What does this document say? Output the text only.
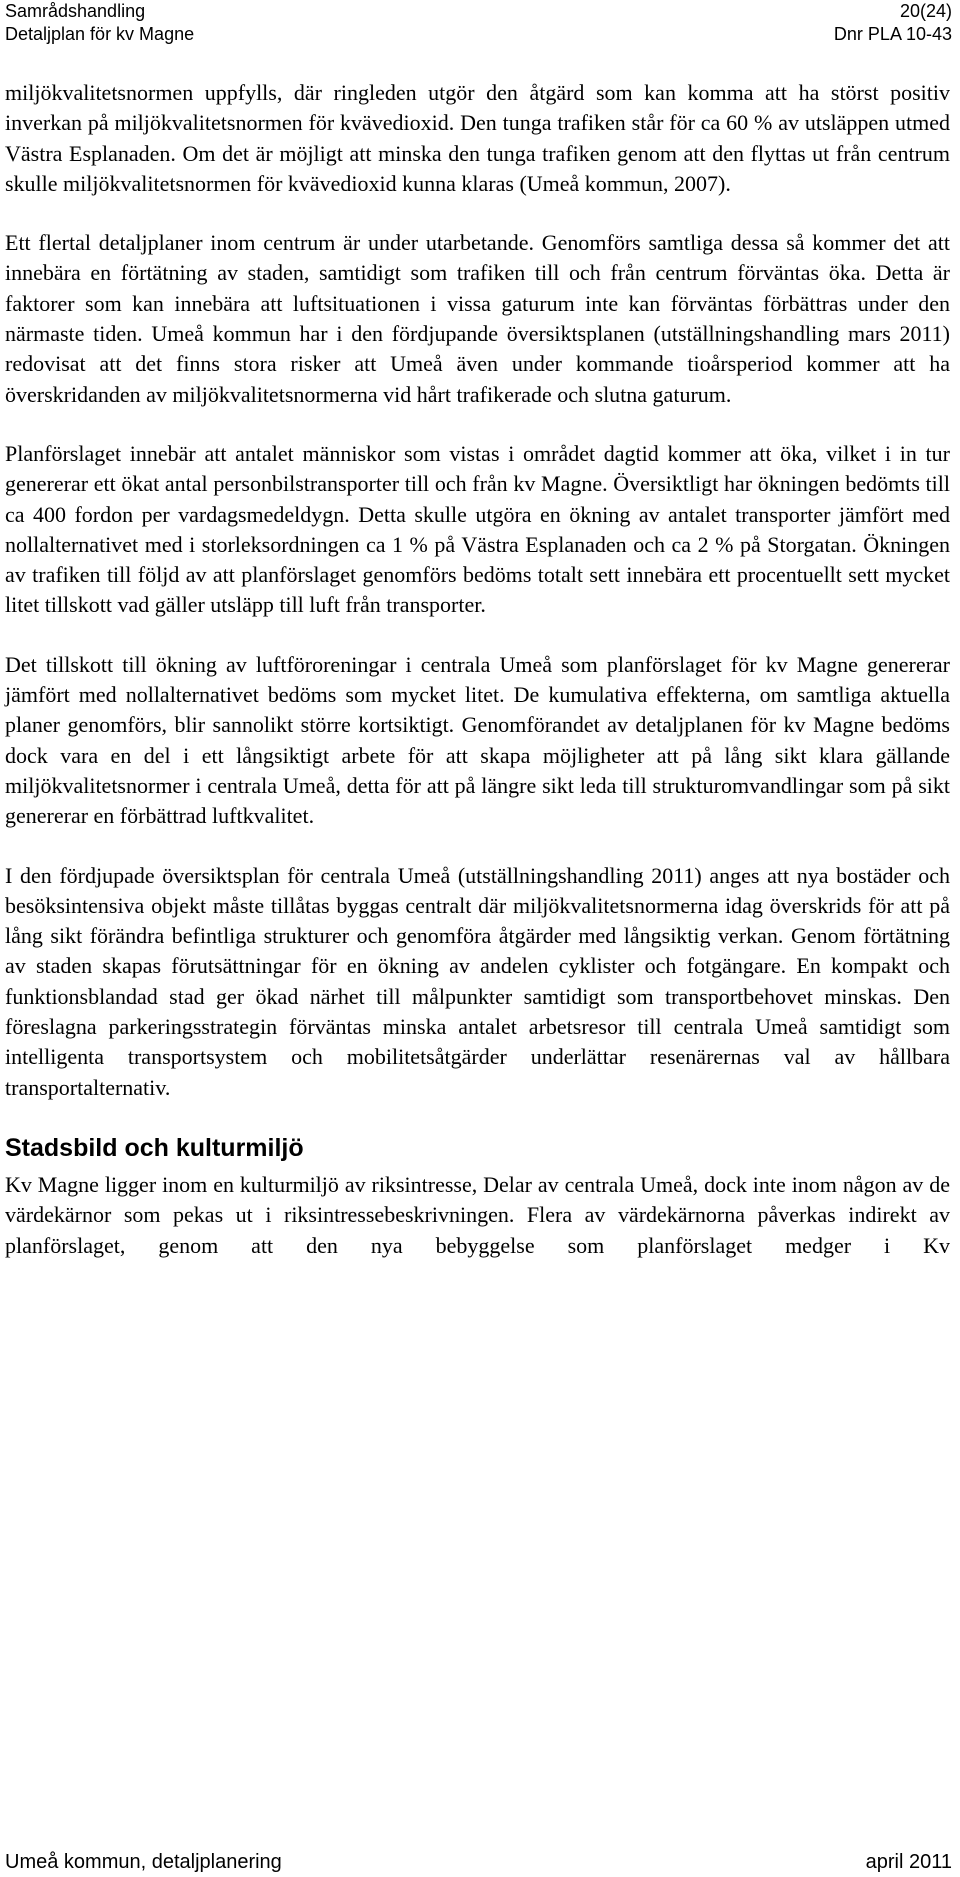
Samrådshandling	20(24)
Detaljplan för kv Magne	Dnr PLA 10-43

miljökvalitetsnormen uppfylls, där ringleden utgör den åtgärd som kan komma att ha störst positiv inverkan på miljökvalitetsnormen för kvävedioxid. Den tunga trafiken står för ca 60 % av utsläppen utmed Västra Esplanaden. Om det är möjligt att minska den tunga trafiken genom att den flyttas ut från centrum skulle miljökvalitetsnormen för kvävedioxid kunna klaras (Umeå kommun, 2007).

Ett flertal detaljplaner inom centrum är under utarbetande. Genomförs samtliga dessa så kommer det att innebära en förtätning av staden, samtidigt som trafiken till och från centrum förväntas öka. Detta är faktorer som kan innebära att luftsituationen i vissa gaturum inte kan förväntas förbättras under den närmaste tiden. Umeå kommun har i den fördjupande översiktsplanen (utställningshandling mars 2011) redovisat att det finns stora risker att Umeå även under kommande tioårsperiod kommer att ha överskridanden av miljökvalitetsnormerna vid hårt trafikerade och slutna gaturum.

Planförslaget innebär att antalet människor som vistas i området dagtid kommer att öka, vilket i in tur genererar ett ökat antal personbilstransporter till och från kv Magne. Översiktligt har ökningen bedömts till ca 400 fordon per vardagsmedeldygn. Detta skulle utgöra en ökning av antalet transporter jämfört med nollalternativet med i storleksordningen ca 1 % på Västra Esplanaden och ca 2 % på Storgatan. Ökningen av trafiken till följd av att planförslaget genomförs bedöms totalt sett innebära ett procentuellt sett mycket litet tillskott vad gäller utsläpp till luft från transporter.

Det tillskott till ökning av luftföroreningar i centrala Umeå som planförslaget för kv Magne genererar jämfört med nollalternativet bedöms som mycket litet. De kumulativa effekterna, om samtliga aktuella planer genomförs, blir sannolikt större kortsiktigt. Genomförandet av detaljplanen för kv Magne bedöms dock vara en del i ett långsiktigt arbete för att skapa möjligheter att på lång sikt klara gällande miljökvalitetsnormer i centrala Umeå, detta för att på längre sikt leda till strukturomvandlingar som på sikt genererar en förbättrad luftkvalitet.

I den fördjupade översiktsplan för centrala Umeå (utställningshandling 2011) anges att nya bostäder och besöksintensiva objekt måste tillåtas byggas centralt där miljökvalitetsnormerna idag överskrids för att på lång sikt förändra befintliga strukturer och genomföra åtgärder med långsiktig verkan. Genom förtätning av staden skapas förutsättningar för en ökning av andelen cyklister och fotgängare. En kompakt och funktionsblandad stad ger ökad närhet till målpunkter samtidigt som transportbehovet minskas. Den föreslagna parkeringsstrategin förväntas minska antalet arbetsresor till centrala Umeå samtidigt som intelligenta transportsystem och mobilitetsåtgärder underlättar resenärernas val av hållbara transportalternativ.

Stadsbild och kulturmiljö

Kv Magne ligger inom en kulturmiljö av riksintresse, Delar av centrala Umeå, dock inte inom någon av de värdekärnor som pekas ut i riksintressebeskrivningen. Flera av värdekärnorna påverkas indirekt av planförslaget, genom att den nya bebyggelse som planförslaget medger i Kv

Umeå kommun, detaljplanering	april 2011
